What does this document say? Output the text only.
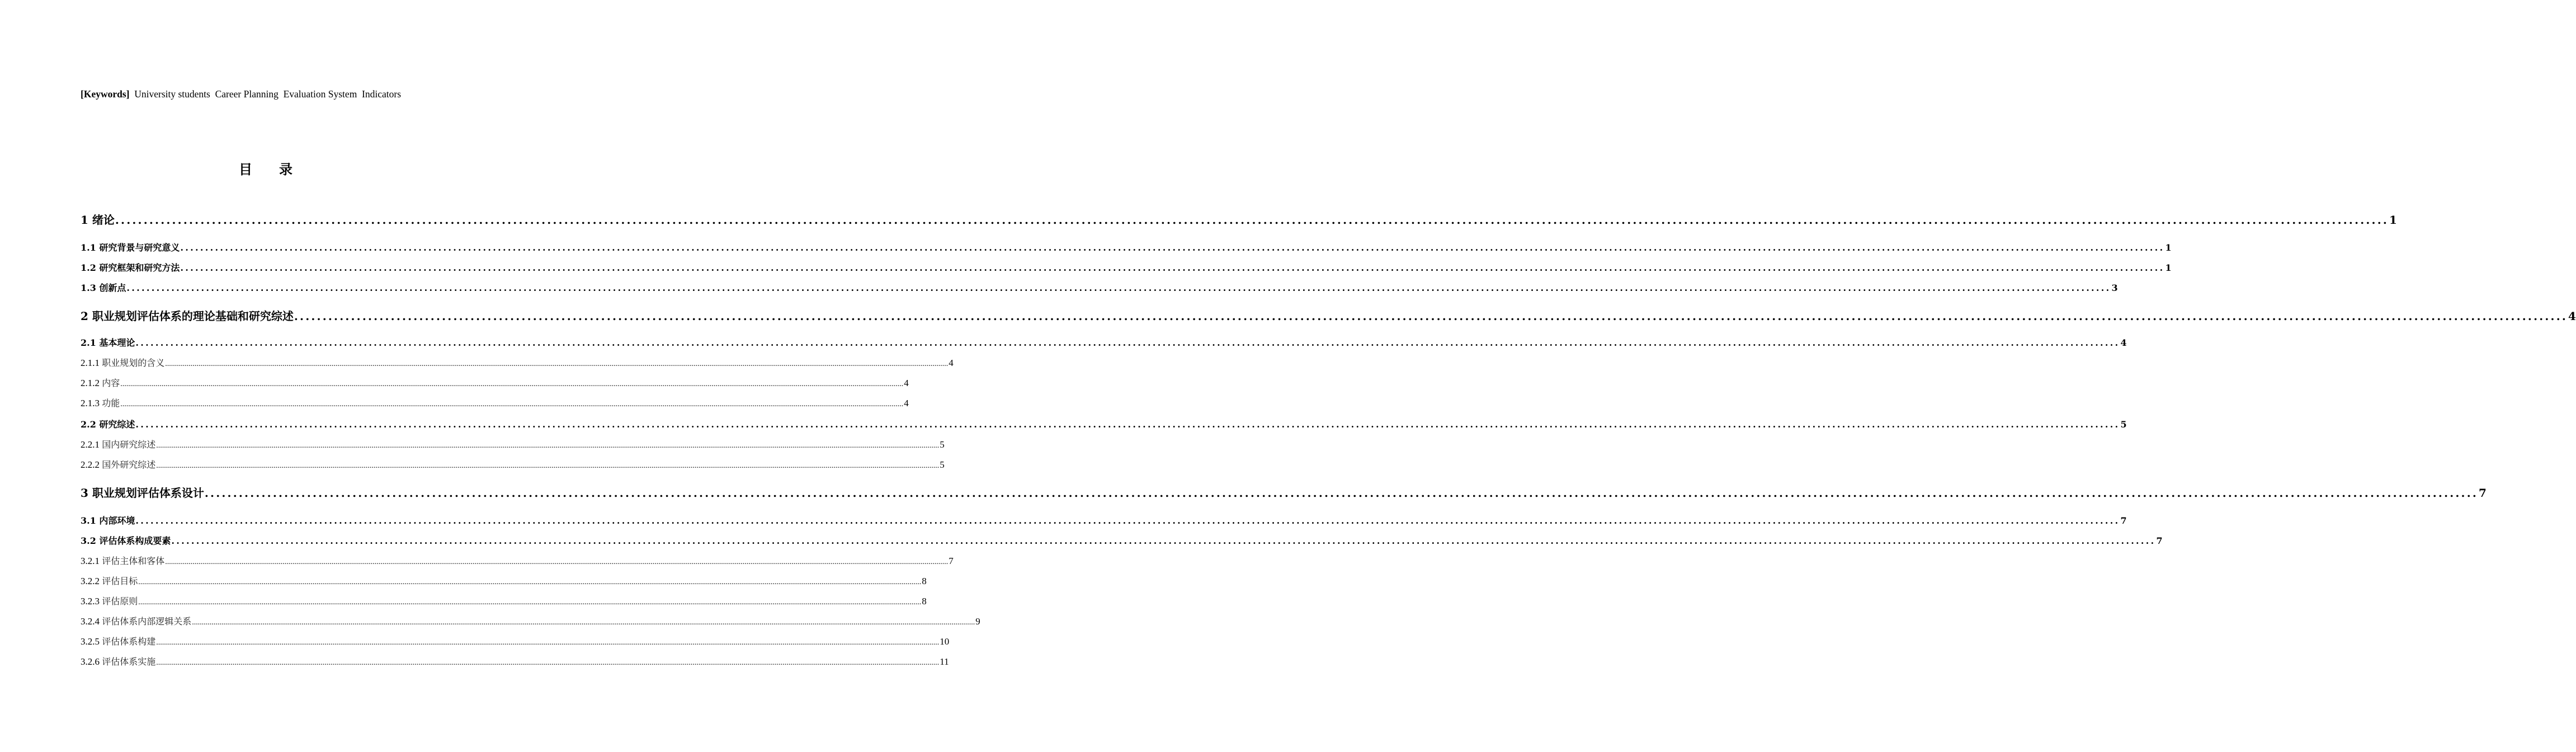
[Keywords]  University students  Career Planning  Evaluation System  Indicators
目 录
1 绪论 ................................................................................................................................................................................................................................................................................................................................................................................................................ 1
1.1 研究背景与研究意义 ................................................................................................................................................................................................................................................................................................................................................................................................................ 1
1.2 研究框架和研究方法 ................................................................................................................................................................................................................................................................................................................................................................................................................ 1
1.3 创新点 ................................................................................................................................................................................................................................................................................................................................................................................................................ 3
2 职业规划评估体系的理论基础和研究综述 ................................................................................................................................................................................................................................................................................................................................................................................................................ 4
2.1 基本理论 ................................................................................................................................................................................................................................................................................................................................................................................................................ 4
2.1.1 职业规划的含义 ................................................................................................................................................................................................................................................................................................................................................................................................................ 4
2.1.2 内容 ................................................................................................................................................................................................................................................................................................................................................................................................................ 4
2.1.3 功能 ................................................................................................................................................................................................................................................................................................................................................................................................................ 4
2.2 研究综述 ................................................................................................................................................................................................................................................................................................................................................................................................................ 5
2.2.1 国内研究综述 ................................................................................................................................................................................................................................................................................................................................................................................................................ 5
2.2.2 国外研究综述 ................................................................................................................................................................................................................................................................................................................................................................................................................ 5
3 职业规划评估体系设计 ................................................................................................................................................................................................................................................................................................................................................................................................................ 7
3.1 内部环境 ................................................................................................................................................................................................................................................................................................................................................................................................................ 7
3.2 评估体系构成要素 ................................................................................................................................................................................................................................................................................................................................................................................................................ 7
3.2.1 评估主体和客体 ................................................................................................................................................................................................................................................................................................................................................................................................................ 7
3.2.2 评估目标 ................................................................................................................................................................................................................................................................................................................................................................................................................ 8
3.2.3 评估原则 ................................................................................................................................................................................................................................................................................................................................................................................................................ 8
3.2.4 评估体系内部逻辑关系 ................................................................................................................................................................................................................................................................................................................................................................................................................ 9
3.2.5 评估体系构建 ................................................................................................................................................................................................................................................................................................................................................................................................................ 10
3.2.6 评估体系实施 ................................................................................................................................................................................................................................................................................................................................................................................................................ 11
